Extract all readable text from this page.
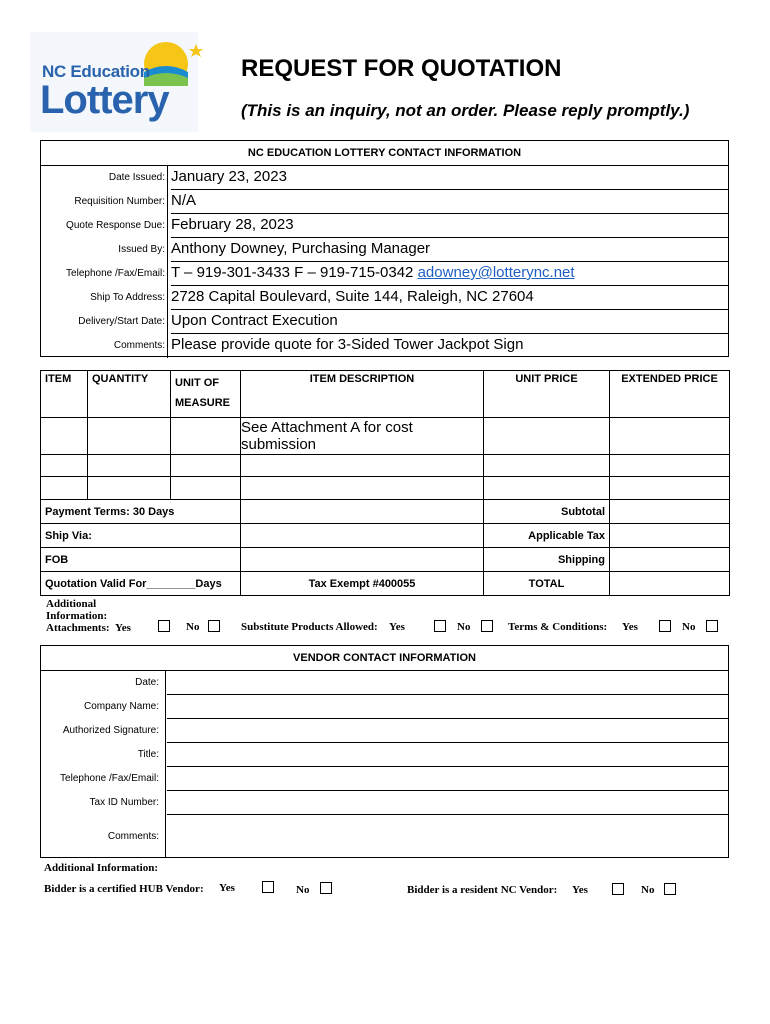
NC Education
Lottery
REQUEST FOR QUOTATION
(This is an inquiry, not an order. Please reply promptly.)
NC EDUCATION LOTTERY CONTACT INFORMATION
Date Issued: January 23, 2023
Requisition Number: N/A
Quote Response Due: February 28, 2023
Issued By: Anthony Downey, Purchasing Manager
Telephone /Fax/Email: T – 919-301-3433 F – 919-715-0342 adowney@lotterync.net
Ship To Address: 2728 Capital Boulevard, Suite 144, Raleigh, NC 27604
Delivery/Start Date: Upon Contract Execution
Comments: Please provide quote for 3-Sided Tower Jackpot Sign
ITEM	QUANTITY	UNIT OF MEASURE	ITEM DESCRIPTION	UNIT PRICE	EXTENDED PRICE
			See Attachment A for cost submission		

Payment Terms: 30 Days				Subtotal	
Ship Via:				Applicable Tax	
FOB				Shipping	
Quotation Valid For________Days			Tax Exempt #400055	TOTAL	
Additional
Information:
Attachments: Yes	No	Substitute Products Allowed: Yes	No	Terms & Conditions: Yes	No
VENDOR CONTACT INFORMATION
Date:
Company Name:
Authorized Signature:
Title:
Telephone /Fax/Email:
Tax ID Number:
Comments:
Additional Information:
Bidder is a certified HUB Vendor: Yes	No	Bidder is a resident NC Vendor: Yes	No
